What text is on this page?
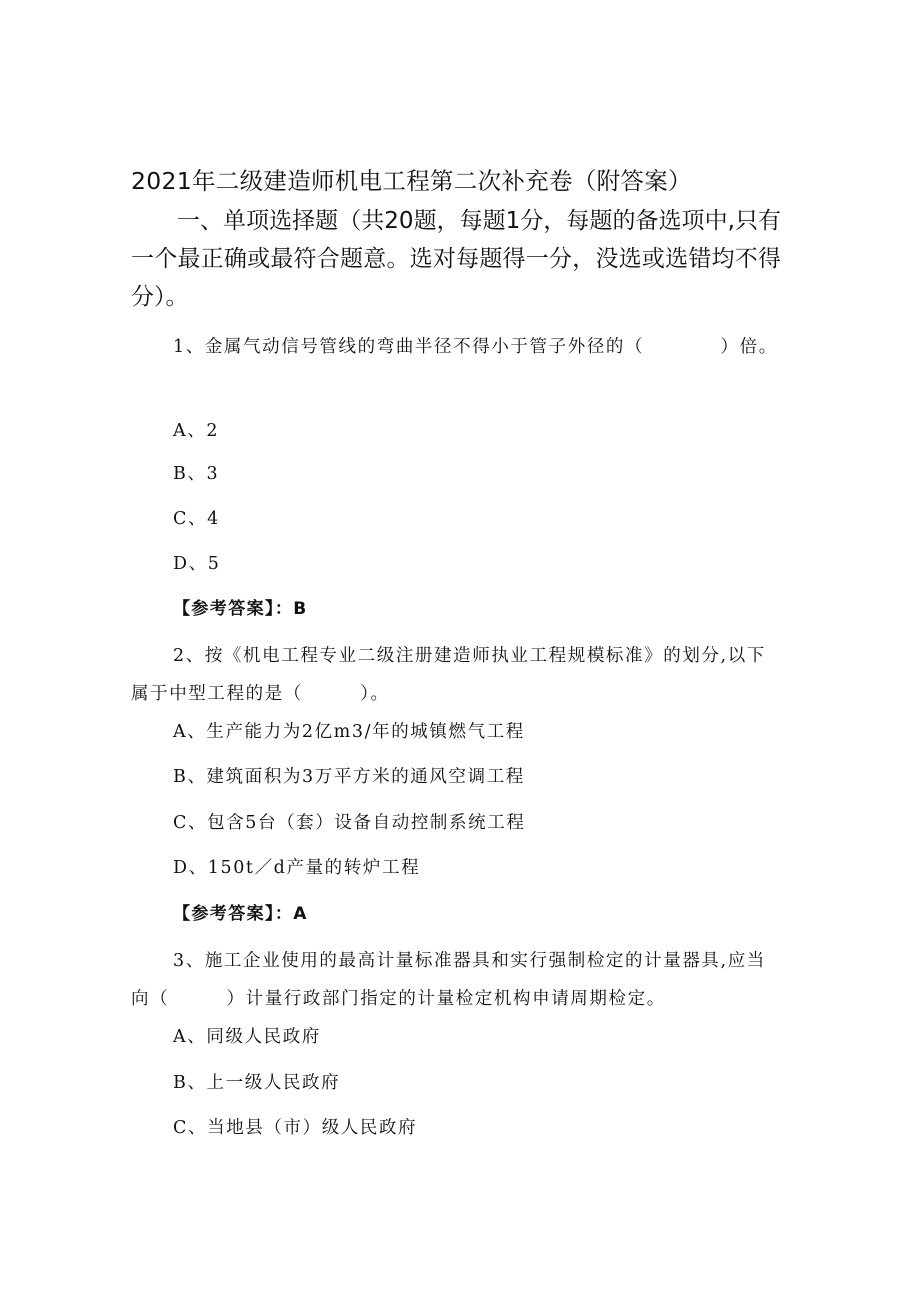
2021年二级建造师机电工程第二次补充卷（附答案）
一、单项选择题（共20题，每题1分，每题的备选项中,只有一个最正确或最符合题意。选对每题得一分，没选或选错均不得分）。
1、金属气动信号管线的弯曲半径不得小于管子外径的（　　　　）倍。
A、2
B、3
C、4
D、5
【参考答案】：B
2、按《机电工程专业二级注册建造师执业工程规模标准》的划分,以下属于中型工程的是（　　　）。
A、生产能力为2亿m3/年的城镇燃气工程
B、建筑面积为3万平方米的通风空调工程
C、包含5台（套）设备自动控制系统工程
D、150t／d产量的转炉工程
【参考答案】：A
3、施工企业使用的最高计量标准器具和实行强制检定的计量器具,应当向（　　　）计量行政部门指定的计量检定机构申请周期检定。
A、同级人民政府
B、上一级人民政府
C、当地县（市）级人民政府
